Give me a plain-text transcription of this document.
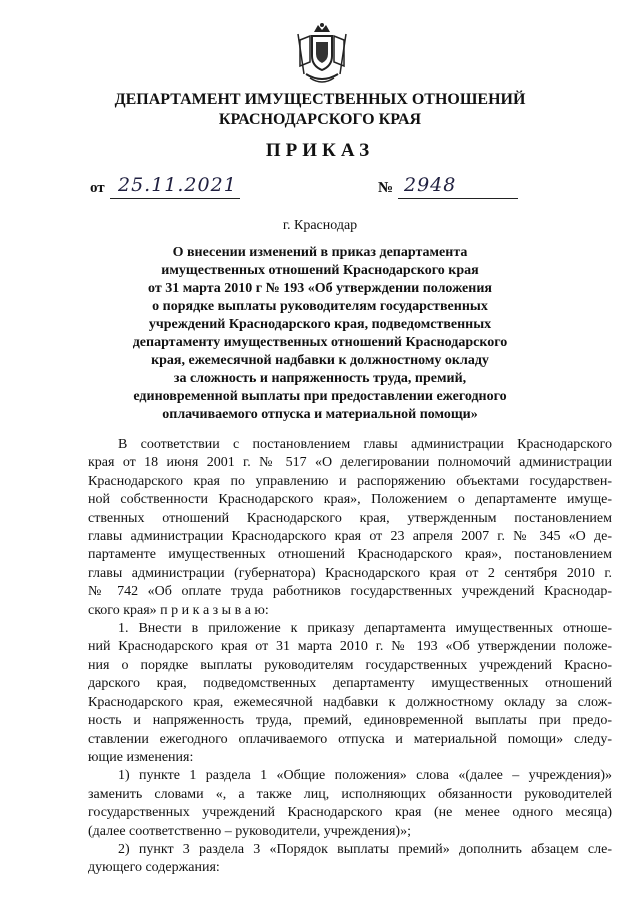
ДЕПАРТАМЕНТ ИМУЩЕСТВЕННЫХ ОТНОШЕНИЙ
КРАСНОДАРСКОГО КРАЯ
ПРИКАЗ
от 25.11.2021	№ 2948
г. Краснодар
О внесении изменений в приказ департамента
имущественных отношений Краснодарского края
от 31 марта 2010 г № 193 «Об утверждении положения
о порядке выплаты руководителям государственных
учреждений Краснодарского края, подведомственных
департаменту имущественных отношений Краснодарского
края, ежемесячной надбавки к должностному окладу
за сложность и напряженность труда, премий,
единовременной выплаты при предоставлении ежегодного
оплачиваемого отпуска и материальной помощи»
В соответствии с постановлением главы администрации Краснодарского
края от 18 июня 2001 г. № 517 «О делегировании полномочий администрации
Краснодарского края по управлению и распоряжению объектами государствен-
ной собственности Краснодарского края», Положением о департаменте имуще-
ственных отношений Краснодарского края, утвержденным постановлением
главы администрации Краснодарского края от 23 апреля 2007 г. № 345 «О де-
партаменте имущественных отношений Краснодарского края», постановлением
главы администрации (губернатора) Краснодарского края от 2 сентября 2010 г.
№ 742 «Об оплате труда работников государственных учреждений Краснодар-
ского края» п р и к а з ы в а ю:
1. Внести в приложение к приказу департамента имущественных отноше-
ний Краснодарского края от 31 марта 2010 г. № 193 «Об утверждении положе-
ния о порядке выплаты руководителям государственных учреждений Красно-
дарского края, подведомственных департаменту имущественных отношений
Краснодарского края, ежемесячной надбавки к должностному окладу за слож-
ность и напряженность труда, премий, единовременной выплаты при предо-
ставлении ежегодного оплачиваемого отпуска и материальной помощи» следу-
ющие изменения:
1) пункте 1 раздела 1 «Общие положения» слова «(далее – учреждения)»
заменить словами «, а также лиц, исполняющих обязанности руководителей
государственных учреждений Краснодарского края (не менее одного месяца)
(далее соответственно – руководители, учреждения)»;
2) пункт 3 раздела 3 «Порядок выплаты премий» дополнить абзацем сле-
дующего содержания:
